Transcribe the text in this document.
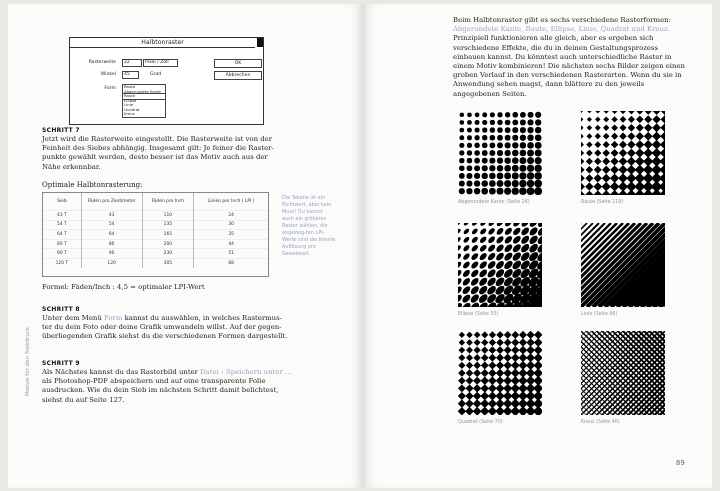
Motive für den Siebdruck
Halbtonraster
Rasterweite	22	Pixel / Zoll
Winkel	45	Grad
Form Raute
Abgerundete Kante
Raute
Ellipse
Linie
Quadrat
Kreuz
OK
Abbrechen
SCHRITT 7
Jetzt wird die Rasterweite eingestellt. Die Rasterweite ist von der
Feinheit des Siebes abhängig. Insgesamt gilt: Je feiner die Raster-
punkte gewählt werden, desto besser ist das Motiv auch aus der
Nähe erkennbar.
Optimale Halbtonrasterung:
Sieb	Fäden pro Zentimeter	Fäden pro Inch	Linien per Inch ( LPI )
43 T	43	110	24
54 T	54	135	30
64 T	64	165	35
80 T	80	200	44
90 T	90	230	51
120 T	120	305	68
Die Tabelle ist ein Richtwert, aber kein Muss! Du kannst auch ein gröberes Raster wählen, die angezeig-ten LPI-Werte sind die feinste Auflösung pro Gewebeart.
Formel: Fäden/Inch : 4,5 = optimaler LPI-Wert
SCHRITT 8
Unter dem Menü Form kannst du auswählen, in welches Rastermus-
ter du dein Foto oder deine Grafik umwandeln willst. Auf der gegen-
überliegenden Grafik siehst du die verschiedenen Formen dargestellt.
SCHRITT 9
Als Nächstes kannst du das Rasterbild unter Datei › Speichern unter …
als Photoshop-PDF abspeichern und auf eine transparente Folie
ausdrucken. Wie du dein Sieb im nächsten Schritt damit belichtest,
siehst du auf Seite 127.
Beim Halbtonraster gibt es sechs verschiedene Rasterformen: Abgerundete Kante, Raute, Ellipse, Linie, Quadrat und Kreuz. Prinzipiell funktionieren alle gleich, aber es ergeben sich verschiedene Effekte, die du in deinen Gestaltungsprozess einbauen kannst. Du könntest auch unterschiedliche Raster in einem Motiv kombinieren! Die nächsten sechs Bilder zeigen einen groben Verlauf in den verschiedenen Rasterarten. Wenn du sie in Anwendung sehen magst, dann blättere zu den jeweils angegebenen Seiten.
Abgerundete Kante (Seite 26)	Raute (Seite 119)
Ellipse (Seite 55)	Linie (Seite 96)
Quadrat (Seite 70)	Kreuz (Seite 46)
89
